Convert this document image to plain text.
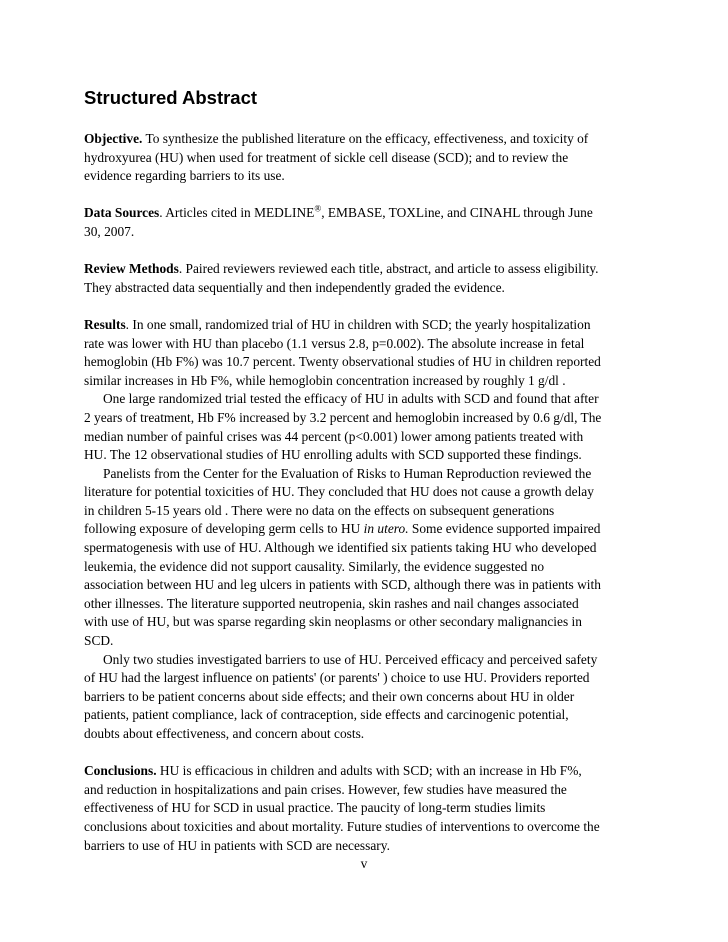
Structured Abstract

Objective. To synthesize the published literature on the efficacy, effectiveness, and toxicity of hydroxyurea (HU) when used for treatment of sickle cell disease (SCD); and to review the evidence regarding barriers to its use.

Data Sources. Articles cited in MEDLINE®, EMBASE, TOXLine, and CINAHL through June 30, 2007.

Review Methods. Paired reviewers reviewed each title, abstract, and article to assess eligibility. They abstracted data sequentially and then independently graded the evidence.

Results. In one small, randomized trial of HU in children with SCD; the yearly hospitalization rate was lower with HU than placebo (1.1 versus 2.8, p=0.002). The absolute increase in fetal hemoglobin (Hb F%) was 10.7 percent. Twenty observational studies of HU in children reported similar increases in Hb F%, while hemoglobin concentration increased by roughly 1 g/dl .

One large randomized trial tested the efficacy of HU in adults with SCD and found that after 2 years of treatment, Hb F% increased by 3.2 percent and hemoglobin increased by 0.6 g/dl, The median number of painful crises was 44 percent (p<0.001) lower among patients treated with HU. The 12 observational studies of HU enrolling adults with SCD supported these findings.

Panelists from the Center for the Evaluation of Risks to Human Reproduction reviewed the literature for potential toxicities of HU. They concluded that HU does not cause a growth delay in children 5-15 years old . There were no data on the effects on subsequent generations following exposure of developing germ cells to HU in utero. Some evidence supported impaired spermatogenesis with use of HU. Although we identified six patients taking HU who developed leukemia, the evidence did not support causality. Similarly, the evidence suggested no association between HU and leg ulcers in patients with SCD, although there was in patients with other illnesses. The literature supported neutropenia, skin rashes and nail changes associated with use of HU, but was sparse regarding skin neoplasms or other secondary malignancies in SCD.

Only two studies investigated barriers to use of HU. Perceived efficacy and perceived safety of HU had the largest influence on patients' (or parents' ) choice to use HU. Providers reported barriers to be patient concerns about side effects; and their own concerns about HU in older patients, patient compliance, lack of contraception, side effects and carcinogenic potential, doubts about effectiveness, and concern about costs.

Conclusions. HU is efficacious in children and adults with SCD; with an increase in Hb F%, and reduction in hospitalizations and pain crises. However, few studies have measured the effectiveness of HU for SCD in usual practice. The paucity of long-term studies limits conclusions about toxicities and about mortality. Future studies of interventions to overcome the barriers to use of HU in patients with SCD are necessary.

v
